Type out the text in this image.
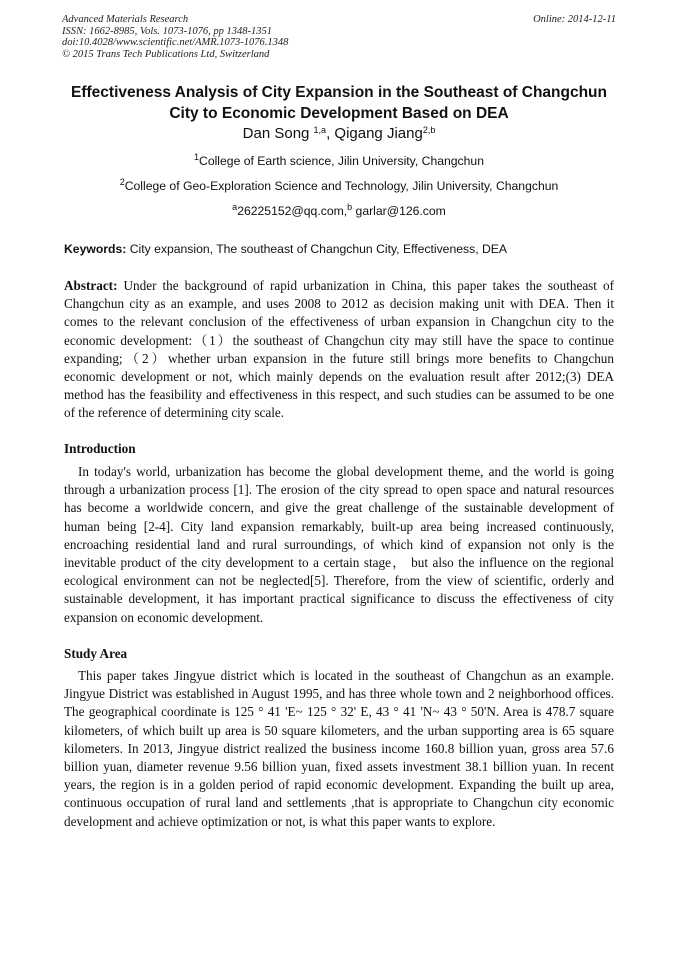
Advanced Materials Research	Online: 2014-12-11
ISSN: 1662-8985, Vols. 1073-1076, pp 1348-1351
doi:10.4028/www.scientific.net/AMR.1073-1076.1348
© 2015 Trans Tech Publications Ltd, Switzerland
Effectiveness Analysis of City Expansion in the Southeast of Changchun
City to Economic Development Based on DEA
Dan Song $^{1,a}$, Qigang Jiang$^{2,b}$
$^1$College of Earth science, Jilin University, Changchun
$^2$College of Geo-Exploration Science and Technology, Jilin University, Changchun
$^a$26225152@qq.com,$^b$ garlar@126.com
Keywords: City expansion, The southeast of Changchun City, Effectiveness, DEA

Abstract: Under the background of rapid urbanization in China, this paper takes the southeast of Changchun city as an example, and uses 2008 to 2012 as decision making unit with DEA. Then it comes to the relevant conclusion of the effectiveness of urban expansion in Changchun city to the economic development:（1）the southeast of Changchun city may still have the space to continue expanding;（2）whether urban expansion in the future still brings more benefits to Changchun economic development or not, which mainly depends on the evaluation result after 2012;(3) DEA method has the feasibility and effectiveness in this respect, and such studies can be assumed to be one of the reference of determining city scale.

Introduction

In today's world, urbanization has become the global development theme, and the world is going through a urbanization process [1]. The erosion of the city spread to open space and natural resources has become a worldwide concern, and give the great challenge of the sustainable development of human being [2-4]. City land expansion remarkably, built-up area being increased continuously, encroaching residential land and rural surroundings, of which kind of expansion not only is the inevitable product of the city development to a certain stage， but also the influence on the regional ecological environment can not be neglected[5]. Therefore, from the view of scientific, orderly and sustainable development, it has important practical significance to discuss the effectiveness of city expansion on economic development.

Study Area

This paper takes Jingyue district which is located in the southeast of Changchun as an example. Jingyue District was established in August 1995, and has three whole town and 2 neighborhood offices. The geographical coordinate is 125 ° 41 'E~ 125 ° 32' E, 43 ° 41 'N~ 43 ° 50'N. Area is 478.7 square kilometers, of which built up area is 50 square kilometers, and the urban supporting area is 65 square kilometers. In 2013, Jingyue district realized the business income 160.8 billion yuan, gross area 57.6 billion yuan, diameter revenue 9.56 billion yuan, fixed assets investment 38.1 billion yuan. In recent years, the region is in a golden period of rapid economic development. Expanding the built up area, continuous occupation of rural land and settlements ,that is appropriate to Changchun city economic development and achieve optimization or not, is what this paper wants to explore.
